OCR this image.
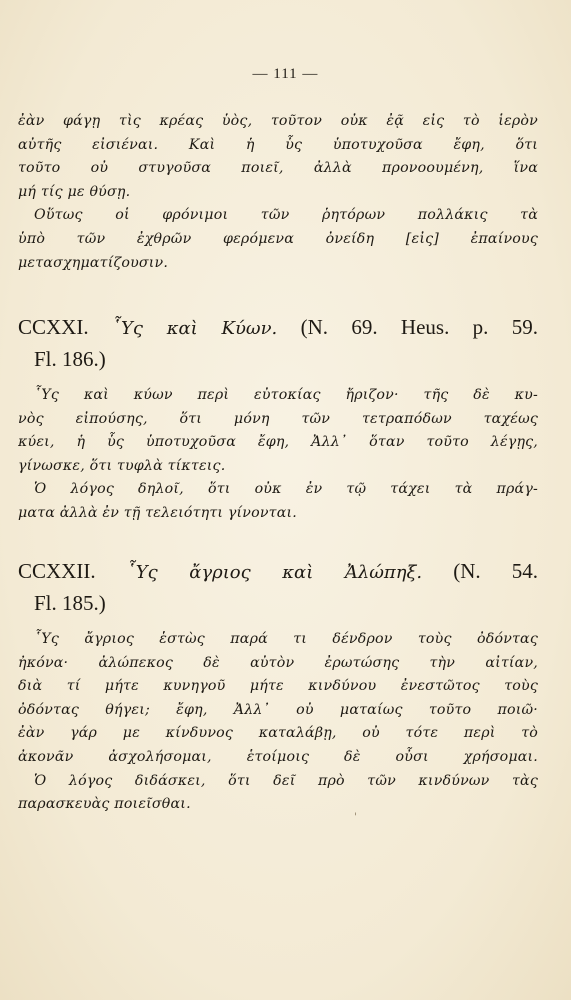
— 111 —
ἐὰν φάγῃ τὶς κρέας ὑὸς, τοῦτον οὐκ ἐᾷ εἰς τὸ ἱερὸν
αὐτῆς εἰσιέναι. Καὶ ἡ ὗς ὑποτυχοῦσα ἔφη, ὅτι
τοῦτο οὐ στυγοῦσα ποιεῖ, ἀλλὰ προνοουμένη, ἵνα
μή τίς με θύσῃ.
Οὕτως οἱ φρόνιμοι τῶν ῥητόρων πολλάκις τὰ
ὑπὸ τῶν ἐχθρῶν φερόμενα ὀνείδη [εἰς] ἐπαίνους
μετασχηματίζουσιν.
CCXXI. ῟Υς καὶ Κύων. (N. 69. Heus. p. 59.
Fl. 186.)
῟Υς καὶ κύων περὶ εὐτοκίας ἤριζον· τῆς δὲ κυ-
νὸς εἰπούσης, ὅτι μόνη τῶν τετραπόδων ταχέως
κύει, ἡ ὗς ὑποτυχοῦσα ἔφη, Ἀλλ᾽ ὅταν τοῦτο λέγῃς,
γίνωσκε, ὅτι τυφλὰ τίκτεις.
Ὁ λόγος δηλοῖ, ὅτι οὐκ ἐν τῷ τάχει τὰ πράγ-
ματα ἀλλὰ ἐν τῇ τελειότητι γίνονται.
CCXXII. ῟Υς ἄγριος καὶ Ἀλώπηξ. (N. 54.
Fl. 185.)
῟Υς ἄγριος ἑστὼς παρά τι δένδρον τοὺς ὀδόντας
ἠκόνα· ἀλώπεκος δὲ αὐτὸν ἐρωτώσης τὴν αἰτίαν,
διὰ τί μήτε κυνηγοῦ μήτε κινδύνου ἐνεστῶτος τοὺς
ὀδόντας θήγει; ἔφη, Ἀλλ᾽ οὐ ματαίως τοῦτο ποιῶ·
ἐὰν γάρ με κίνδυνος καταλάβῃ, οὐ τότε περὶ τὸ
ἀκονᾶν ἀσχολήσομαι, ἑτοίμοις δὲ οὖσι χρήσομαι.
Ὁ λόγος διδάσκει, ὅτι δεῖ πρὸ τῶν κινδύνων τὰς
παρασκευὰς ποιεῖσθαι.
'
